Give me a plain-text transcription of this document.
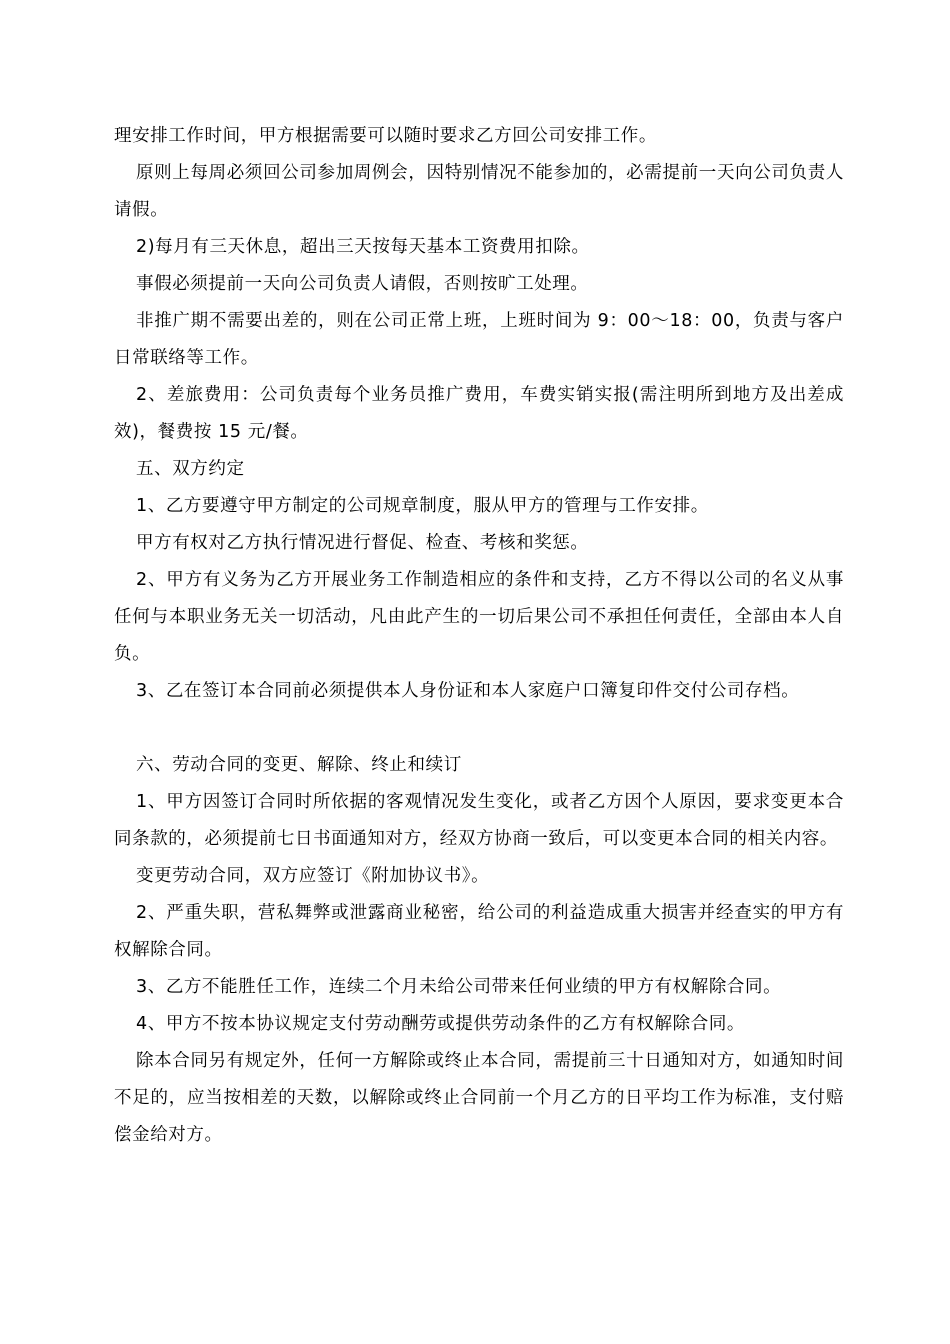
理安排工作时间，甲方根据需要可以随时要求乙方回公司安排工作。

原则上每周必须回公司参加周例会，因特别情况不能参加的，必需提前一天向公司负责人请假。

2)每月有三天休息，超出三天按每天基本工资费用扣除。

事假必须提前一天向公司负责人请假，否则按旷工处理。

非推广期不需要出差的，则在公司正常上班，上班时间为 9：00～18：00，负责与客户日常联络等工作。

2、差旅费用：公司负责每个业务员推广费用，车费实销实报(需注明所到地方及出差成效)，餐费按 15 元/餐。

五、双方约定

1、乙方要遵守甲方制定的公司规章制度，服从甲方的管理与工作安排。

甲方有权对乙方执行情况进行督促、检查、考核和奖惩。

2、甲方有义务为乙方开展业务工作制造相应的条件和支持，乙方不得以公司的名义从事任何与本职业务无关一切活动，凡由此产生的一切后果公司不承担任何责任，全部由本人自负。

3、乙在签订本合同前必须提供本人身份证和本人家庭户口簿复印件交付公司存档。

六、劳动合同的变更、解除、终止和续订

1、甲方因签订合同时所依据的客观情况发生变化，或者乙方因个人原因，要求变更本合同条款的，必须提前七日书面通知对方，经双方协商一致后，可以变更本合同的相关内容。

变更劳动合同，双方应签订《附加协议书》。

2、严重失职，营私舞弊或泄露商业秘密，给公司的利益造成重大损害并经查实的甲方有权解除合同。

3、乙方不能胜任工作，连续二个月未给公司带来任何业绩的甲方有权解除合同。

4、甲方不按本协议规定支付劳动酬劳或提供劳动条件的乙方有权解除合同。

除本合同另有规定外，任何一方解除或终止本合同，需提前三十日通知对方，如通知时间不足的，应当按相差的天数，以解除或终止合同前一个月乙方的日平均工作为标准，支付赔偿金给对方。
